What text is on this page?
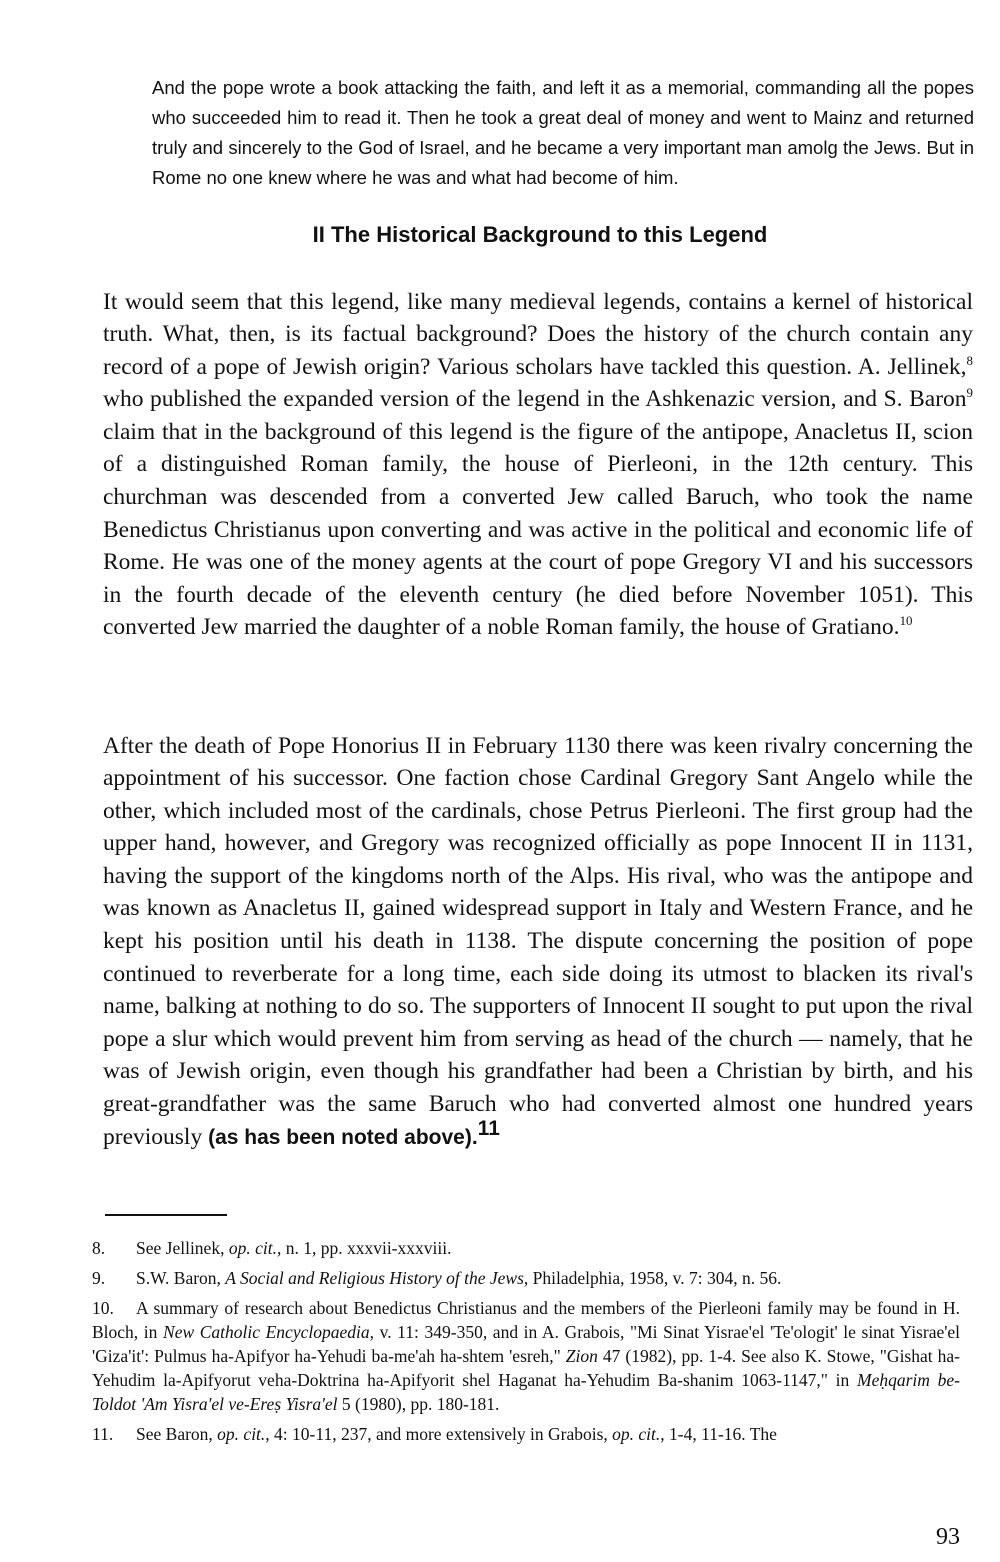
And the pope wrote a book attacking the faith, and left it as a memorial, commanding all the popes who succeeded him to read it. Then he took a great deal of money and went to Mainz and returned truly and sincerely to the God of Israel, and he became a very important man amolg the Jews. But in Rome no one knew where he was and what had become of him.

II The Historical Background to this Legend

It would seem that this legend, like many medieval legends, contains a kernel of historical truth. What, then, is its factual background? Does the history of the church contain any record of a pope of Jewish origin? Various scholars have tackled this question. A. Jellinek,$^8$ who published the expanded version of the legend in the Ashkenazic version, and S. Baron$^9$ claim that in the background of this legend is the figure of the antipope, Anacletus II, scion of a distinguished Roman family, the house of Pierleoni, in the 12th century. This churchman was descended from a converted Jew called Baruch, who took the name Benedictus Christianus upon converting and was active in the political and economic life of Rome. He was one of the money agents at the court of pope Gregory VI and his successors in the fourth decade of the eleventh century (he died before November 1051). This converted Jew married the daughter of a noble Roman family, the house of Gratiano.$^{10}$

After the death of Pope Honorius II in February 1130 there was keen rivalry concerning the appointment of his successor. One faction chose Cardinal Gregory Sant Angelo while the other, which included most of the cardinals, chose Petrus Pierleoni. The first group had the upper hand, however, and Gregory was recognized officially as pope Innocent II in 1131, having the support of the kingdoms north of the Alps. His rival, who was the antipope and was known as Anacletus II, gained widespread support in Italy and Western France, and he kept his position until his death in 1138. The dispute concerning the position of pope continued to reverberate for a long time, each side doing its utmost to blacken its rival's name, balking at nothing to do so. The supporters of Innocent II sought to put upon the rival pope a slur which would prevent him from serving as head of the church — namely, that he was of Jewish origin, even though his grandfather had been a Christian by birth, and his great-grandfather was the same Baruch who had converted almost one hundred years previously (as has been noted above).$^{11}$

8. See Jellinek, op. cit., n. 1, pp. xxxvii-xxxviii.

9. S.W. Baron, A Social and Religious History of the Jews, Philadelphia, 1958, v. 7: 304, n. 56.

10. A summary of research about Benedictus Christianus and the members of the Pierleoni family may be found in H. Bloch, in New Catholic Encyclopaedia, v. 11: 349-350, and in A. Grabois, "Mi Sinat Yisrae'el 'Te'ologit' le sinat Yisrae'el 'Giza'it': Pulmus ha-Apifyor ha-Yehudi ba-me'ah ha-shtem 'esreh," Zion 47 (1982), pp. 1-4. See also K. Stowe, "Gishat ha-Yehudim la-Apifyorut veha-Doktrina ha-Apifyorit shel Haganat ha-Yehudim Ba-shanim 1063-1147," in Meḥqarim be-Toldot 'Am Yisra'el ve-Ereṣ Yisra'el 5 (1980), pp. 180-181.

11. See Baron, op. cit., 4: 10-11, 237, and more extensively in Grabois, op. cit., 1-4, 11-16. The

93
